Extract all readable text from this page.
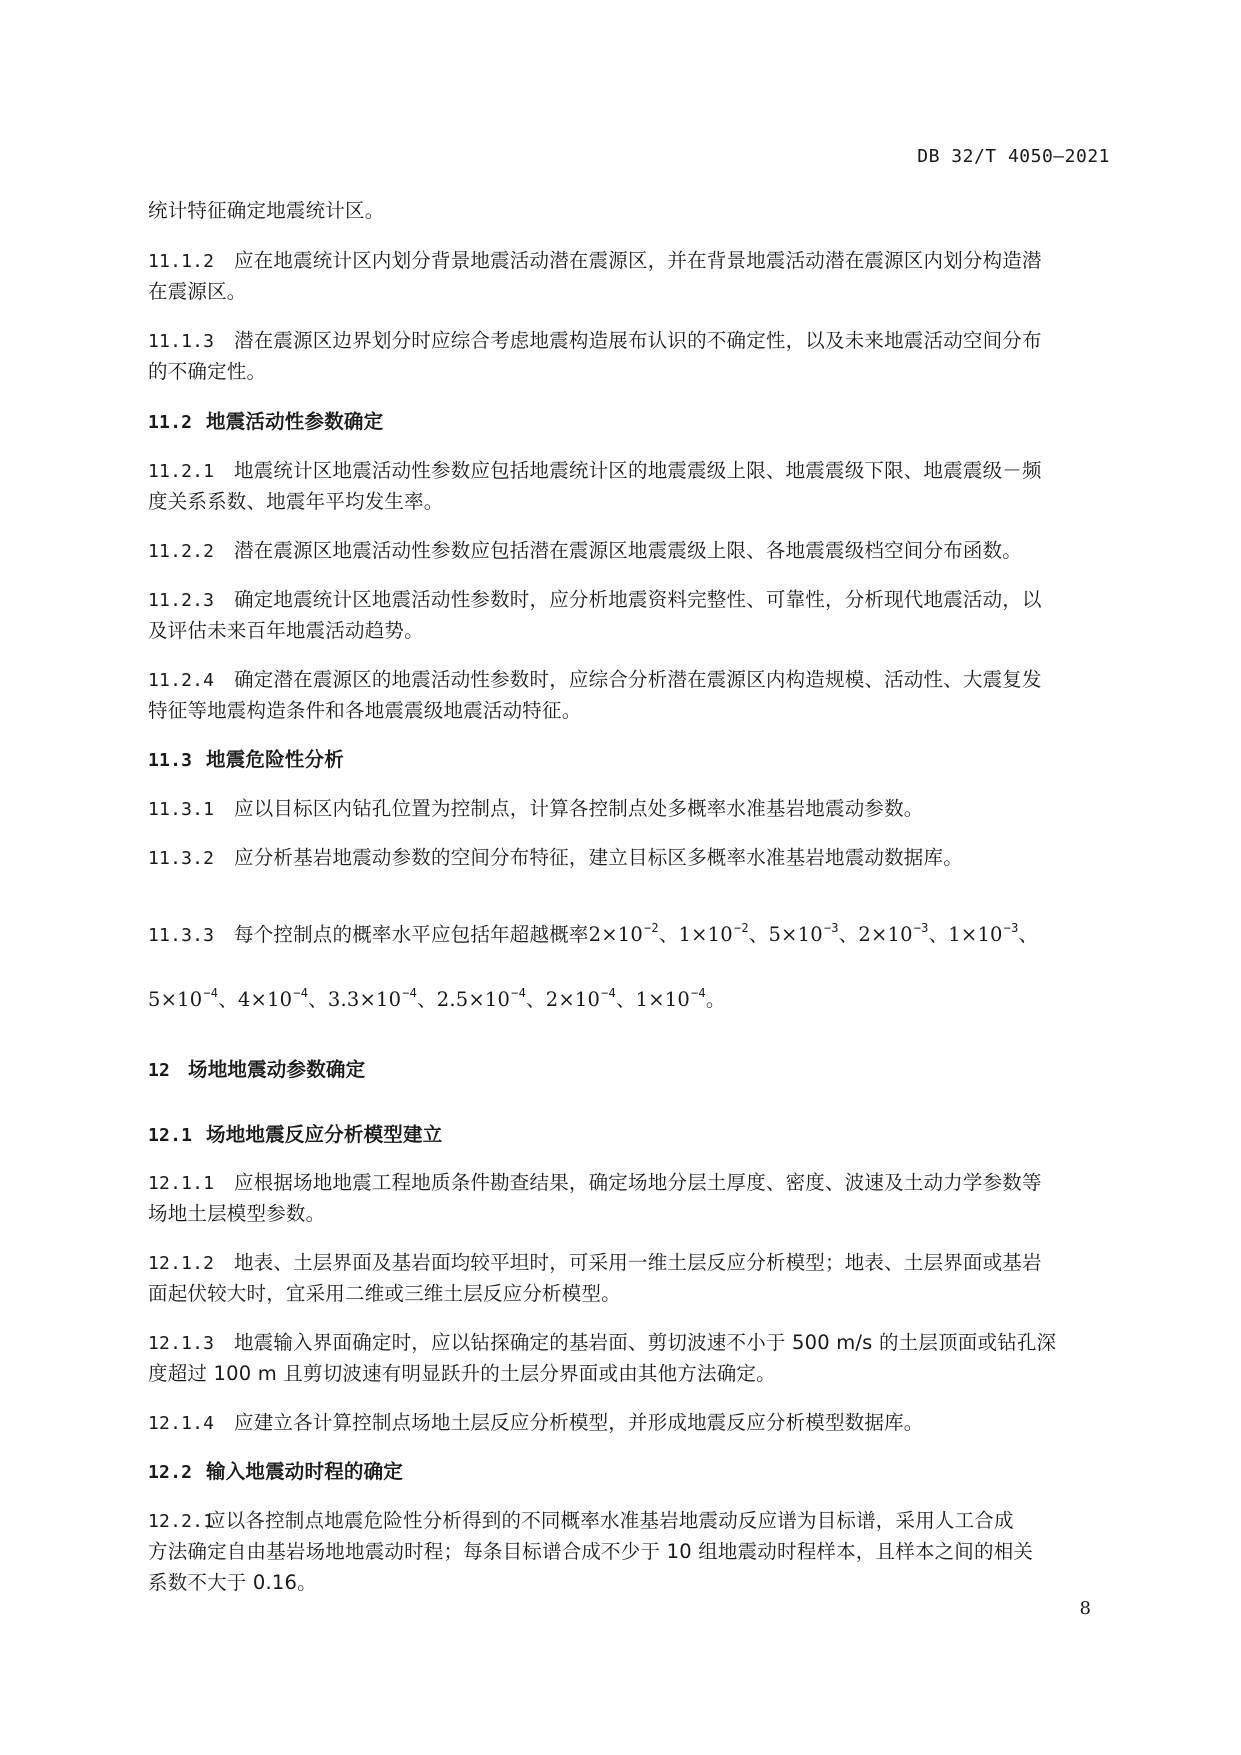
DB 32/T 4050—2021
统计特征确定地震统计区。
11.1.2 应在地震统计区内划分背景地震活动潜在震源区，并在背景地震活动潜在震源区内划分构造潜
在震源区。
11.1.3 潜在震源区边界划分时应综合考虑地震构造展布认识的不确定性，以及未来地震活动空间分布
的不确定性。
11.2 地震活动性参数确定
11.2.1 地震统计区地震活动性参数应包括地震统计区的地震震级上限、地震震级下限、地震震级－频
度关系系数、地震年平均发生率。
11.2.2 潜在震源区地震活动性参数应包括潜在震源区地震震级上限、各地震震级档空间分布函数。
11.2.3 确定地震统计区地震活动性参数时，应分析地震资料完整性、可靠性，分析现代地震活动，以
及评估未来百年地震活动趋势。
11.2.4 确定潜在震源区的地震活动性参数时，应综合分析潜在震源区内构造规模、活动性、大震复发
特征等地震构造条件和各地震震级地震活动特征。
11.3 地震危险性分析
11.3.1 应以目标区内钻孔位置为控制点，计算各控制点处多概率水准基岩地震动参数。
11.3.2 应分析基岩地震动参数的空间分布特征，建立目标区多概率水准基岩地震动数据库。
11.3.3 每个控制点的概率水平应包括年超越概率$2\times 10^{-2}$、$1\times 10^{-2}$、$5\times 10^{-3}$、$2\times 10^{-3}$、$1\times 10^{-3}$、
$5\times 10^{-4}$、$4\times 10^{-4}$、$3.3\times 10^{-4}$、$2.5\times 10^{-4}$、$2\times 10^{-4}$、$1\times 10^{-4}$。
12 场地地震动参数确定
12.1 场地地震反应分析模型建立
12.1.1 应根据场地地震工程地质条件勘查结果，确定场地分层土厚度、密度、波速及土动力学参数等
场地土层模型参数。
12.1.2 地表、土层界面及基岩面均较平坦时，可采用一维土层反应分析模型；地表、土层界面或基岩
面起伏较大时，宜采用二维或三维土层反应分析模型。
12.1.3 地震输入界面确定时，应以钻探确定的基岩面、剪切波速不小于 500 m/s 的土层顶面或钻孔深
度超过 100 m 且剪切波速有明显跃升的土层分界面或由其他方法确定。
12.1.4 应建立各计算控制点场地土层反应分析模型，并形成地震反应分析模型数据库。
12.2 输入地震动时程的确定
12.2.1应以各控制点地震危险性分析得到的不同概率水准基岩地震动反应谱为目标谱，采用人工合成
方法确定自由基岩场地地震动时程；每条目标谱合成不少于 10 组地震动时程样本，且样本之间的相关
系数不大于 0.16。
8
